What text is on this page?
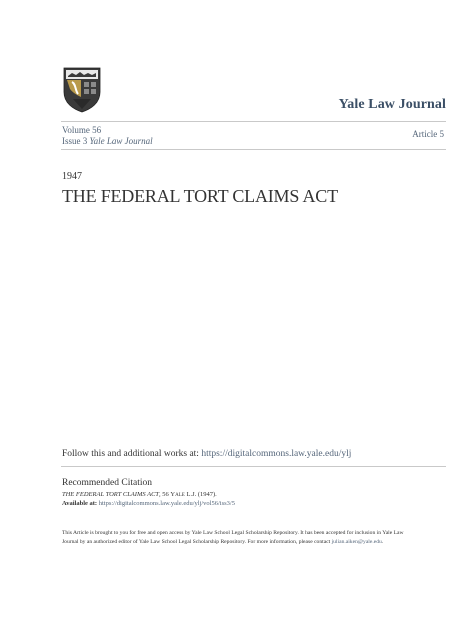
Yale Law Journal
Volume 56
Issue 3 Yale Law Journal
Article 5
1947
THE FEDERAL TORT CLAIMS ACT
Follow this and additional works at: https://digitalcommons.law.yale.edu/ylj
Recommended Citation
THE FEDERAL TORT CLAIMS ACT, 56 Yale L.J. (1947).
Available at: https://digitalcommons.law.yale.edu/ylj/vol56/iss3/5
This Article is brought to you for free and open access by Yale Law School Legal Scholarship Repository. It has been accepted for inclusion in Yale Law
Journal by an authorized editor of Yale Law School Legal Scholarship Repository. For more information, please contact julian.aiken@yale.edu.
